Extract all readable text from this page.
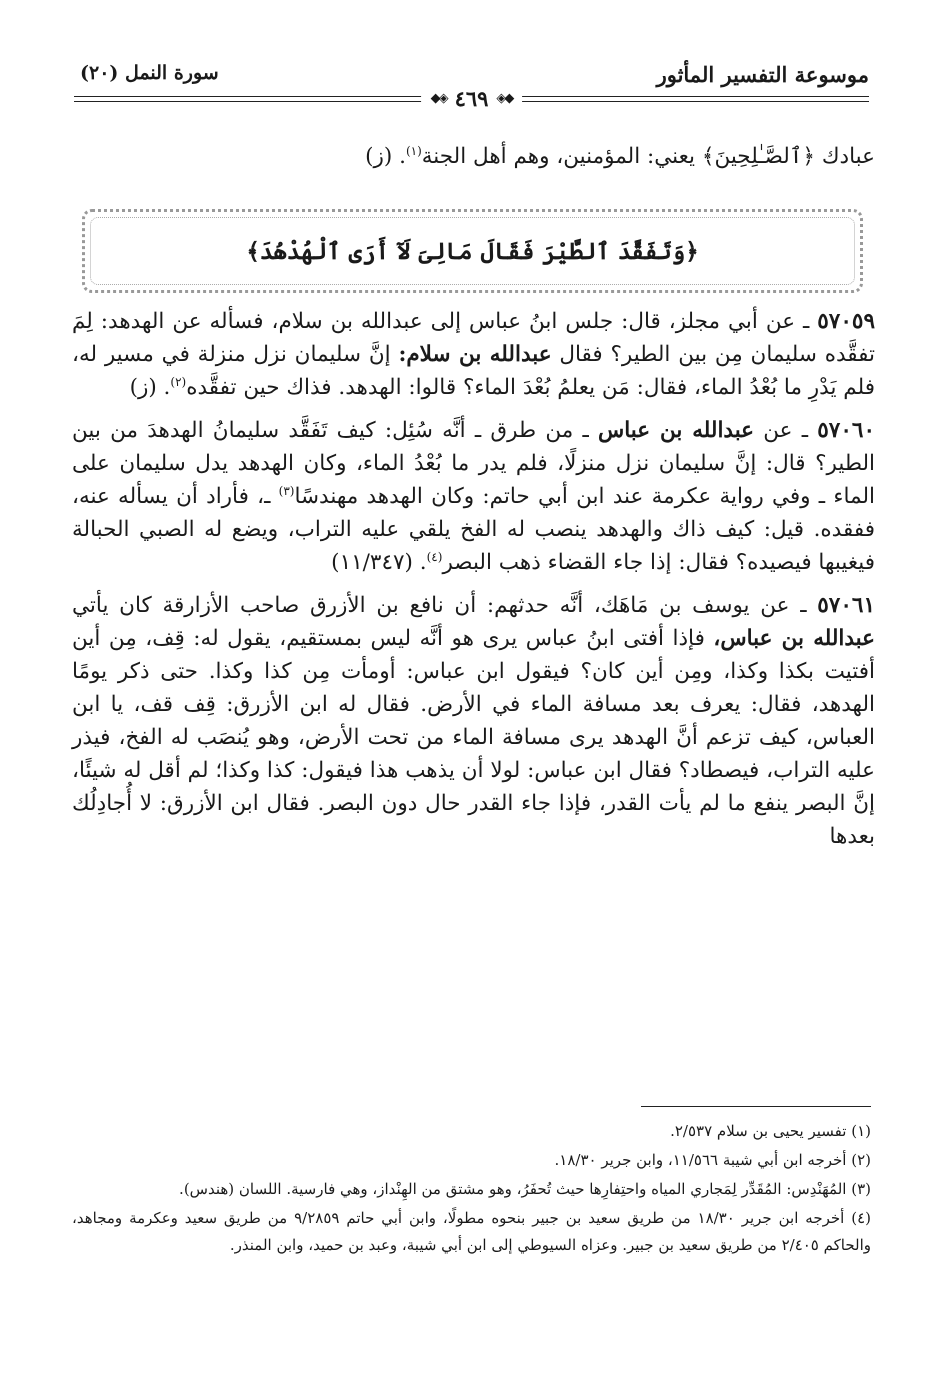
موسوعة التفسير المأثور
سورة النمل (٢٠)
◆◈
٤٦٩
◈◆
عبادك ﴿ٱلصَّـٰلِحِينَ﴾ يعني: المؤمنين، وهم أهل الجنة$^{(١)}$. (ز)
﴿وَتَفَقَّدَ ٱلطَّيْرَ فَقَالَ مَالِىَ لَآ أَرَى ٱلْهُدْهُدَ﴾

٥٧٠٥٩ ـ عن أبي مجلز، قال: جلس ابنُ عباس إلى عبدالله بن سلام، فسأله عن الهدهد: لِمَ تفقَّده سليمان مِن بين الطير؟ فقال عبدالله بن سلام: إنَّ سليمان نزل منزلة في مسير له، فلم يَدْرِ ما بُعْدُ الماء، فقال: مَن يعلمُ بُعْدَ الماء؟ قالوا: الهدهد. فذاك حين تفقَّده$^{(٢)}$. (ز)

٥٧٠٦٠ ـ عن عبدالله بن عباس ـ من طرق ـ أنَّه سُئِل: كيف تَفَقَّد سليمانُ الهدهدَ من بين الطير؟ قال: إنَّ سليمان نزل منزلًا، فلم يدر ما بُعْدُ الماء، وكان الهدهد يدل سليمان على الماء ـ وفي رواية عكرمة عند ابن أبي حاتم: وكان الهدهد مهندسًا$^{(٣)}$ ـ، فأراد أن يسأله عنه، ففقده. قيل: كيف ذاك والهدهد ينصب له الفخ يلقي عليه التراب، ويضع له الصبي الحبالة فيغيبها فيصيده؟ فقال: إذا جاء القضاء ذهب البصر$^{(٤)}$. (١١/٣٤٧)

٥٧٠٦١ ـ عن يوسف بن مَاهَك، أنَّه حدثهم: أن نافع بن الأزرق صاحب الأزارقة كان يأتي عبدالله بن عباس، فإذا أفتى ابنُ عباس يرى هو أنَّه ليس بمستقيم، يقول له: قِف، مِن أين أفتيت بكذا وكذا، ومِن أين كان؟ فيقول ابن عباس: أومأت مِن كذا وكذا. حتى ذكر يومًا الهدهد، فقال: يعرف بعد مسافة الماء في الأرض. فقال له ابن الأزرق: قِف قف، يا ابن العباس، كيف تزعم أنَّ الهدهد يرى مسافة الماء من تحت الأرض، وهو يُنصَب له الفخ، فيذر عليه التراب، فيصطاد؟ فقال ابن عباس: لولا أن يذهب هذا فيقول: كذا وكذا؛ لم أقل له شيئًا، إنَّ البصر ينفع ما لم يأت القدر، فإذا جاء القدر حال دون البصر. فقال ابن الأزرق: لا أُجادِلُك بعدها

(١) تفسير يحيى بن سلام ٢/٥٣٧.

(٢) أخرجه ابن أبي شيبة ١١/٥٦٦، وابن جرير ١٨/٣٠.

(٣) المُهَنْدِس: المُقَدِّر لِمَجاري المياه واحتِفارِها حيث تُحفَرُ، وهو مشتق من الهِنْداز، وهي فارسية. اللسان (هندس).

(٤) أخرجه ابن جرير ١٨/٣٠ من طريق سعيد بن جبير بنحوه مطولًا، وابن أبي حاتم ٩/٢٨٥٩ من طريق سعيد وعكرمة ومجاهد، والحاكم ٢/٤٠٥ من طريق سعيد بن جبير. وعزاه السيوطي إلى ابن أبي شيبة، وعبد بن حميد، وابن المنذر.
